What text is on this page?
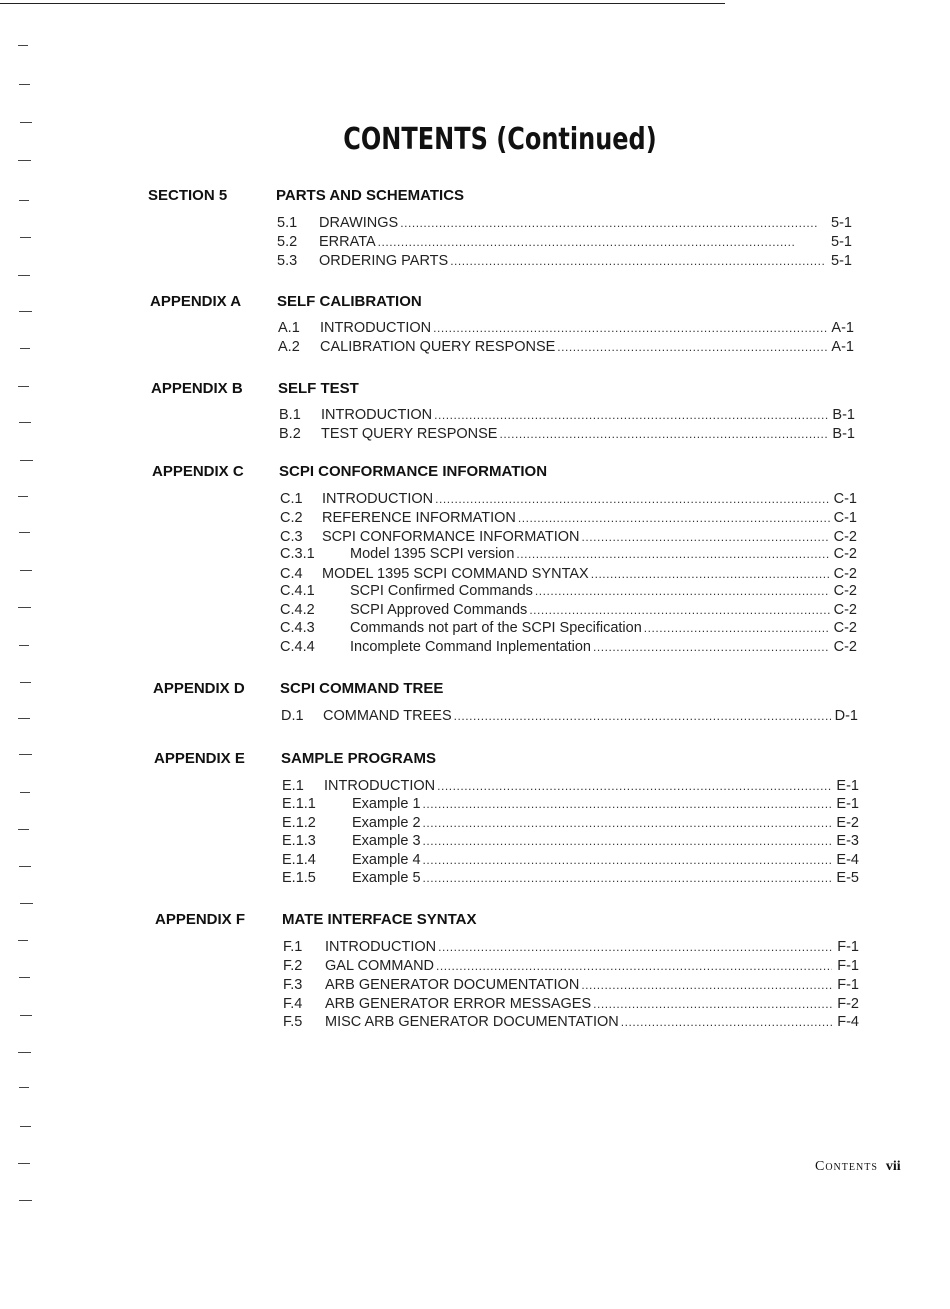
CONTENTS (Continued)
SECTION 5	PARTS AND SCHEMATICS
5.1	DRAWINGS . . .	5-1
5.2	ERRATA . . .	5-1
5.3	ORDERING PARTS . . .	5-1
APPENDIX A SELF CALIBRATION
A.1	INTRODUCTION . . .	A-1
A.2	CALIBRATION QUERY RESPONSE . . .	A-1
APPENDIX B SELF TEST
B.1	INTRODUCTION . . .	B-1
B.2	TEST QUERY RESPONSE . . .	B-1
APPENDIX C SCPI CONFORMANCE INFORMATION
C.1	INTRODUCTION . . .	C-1
C.2	REFERENCE INFORMATION . . .	C-1
C.3	SCPI CONFORMANCE INFORMATION . . .	C-2
C.3.1	Model 1395 SCPI version . . .	C-2
C.4	MODEL 1395 SCPI COMMAND SYNTAX . . .	C-2
C.4.1	SCPI Confirmed Commands . . .	C-2
C.4.2	SCPI Approved Commands . . .	C-2
C.4.3	Commands not part of the SCPI Specification . . .	C-2
C.4.4	Incomplete Command Inplementation . . .	C-2
APPENDIX D SCPI COMMAND TREE
D.1	COMMAND TREES . . .	D-1
APPENDIX E SAMPLE PROGRAMS
E.1	INTRODUCTION . . .	E-1
E.1.1	Example 1 . . .	E-1
E.1.2	Example 2 . . .	E-2
E.1.3	Example 3 . . .	E-3
E.1.4	Example 4 . . .	E-4
E.1.5	Example 5 . . .	E-5
APPENDIX F MATE INTERFACE SYNTAX
F.1	INTRODUCTION . . .	F-1
F.2	GAL COMMAND . . .	F-1
F.3	ARB GENERATOR DOCUMENTATION . . .	F-1
F.4	ARB GENERATOR ERROR MESSAGES . . .	F-2
F.5	MISC ARB GENERATOR DOCUMENTATION . . .	F-4
Contents vii
